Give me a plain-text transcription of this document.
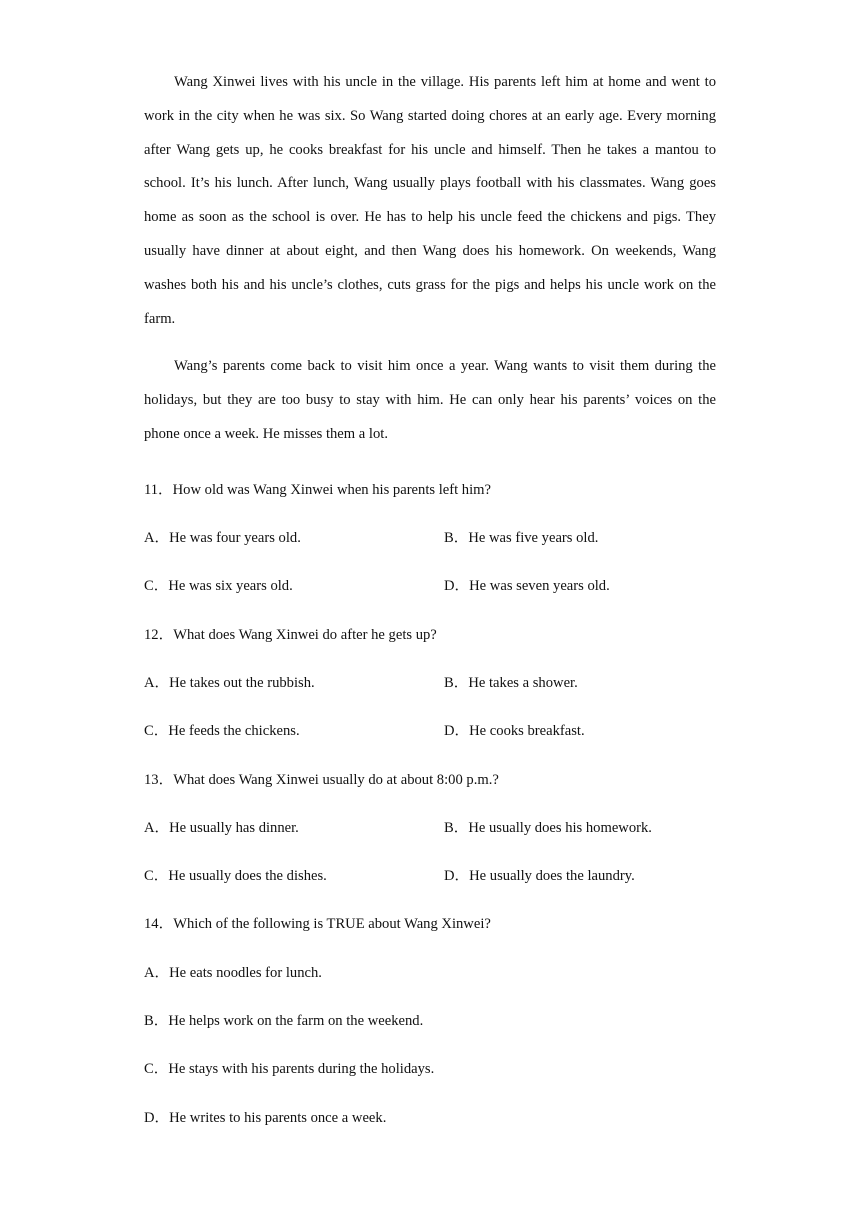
Wang Xinwei lives with his uncle in the village. His parents left him at home and went to work in the city when he was six. So Wang started doing chores at an early age. Every morning after Wang gets up, he cooks breakfast for his uncle and himself. Then he takes a mantou to school. It’s his lunch. After lunch, Wang usually plays football with his classmates. Wang goes home as soon as the school is over. He has to help his uncle feed the chickens and pigs. They usually have dinner at about eight, and then Wang does his homework. On weekends, Wang washes both his and his uncle’s clothes, cuts grass for the pigs and helps his uncle work on the farm.

Wang’s parents come back to visit him once a year. Wang wants to visit them during the holidays, but they are too busy to stay with him. He can only hear his parents’ voices on the phone once a week. He misses them a lot.

11．How old was Wang Xinwei when his parents left him?
A．He was four years old.	B．He was five years old.
C．He was six years old.	D．He was seven years old.
12．What does Wang Xinwei do after he gets up?
A．He takes out the rubbish.	B．He takes a shower.
C．He feeds the chickens.	D．He cooks breakfast.
13．What does Wang Xinwei usually do at about 8:00 p.m.?
A．He usually has dinner.	B．He usually does his homework.
C．He usually does the dishes.	D．He usually does the laundry.
14．Which of the following is TRUE about Wang Xinwei?
A．He eats noodles for lunch.
B．He helps work on the farm on the weekend.
C．He stays with his parents during the holidays.
D．He writes to his parents once a week.
